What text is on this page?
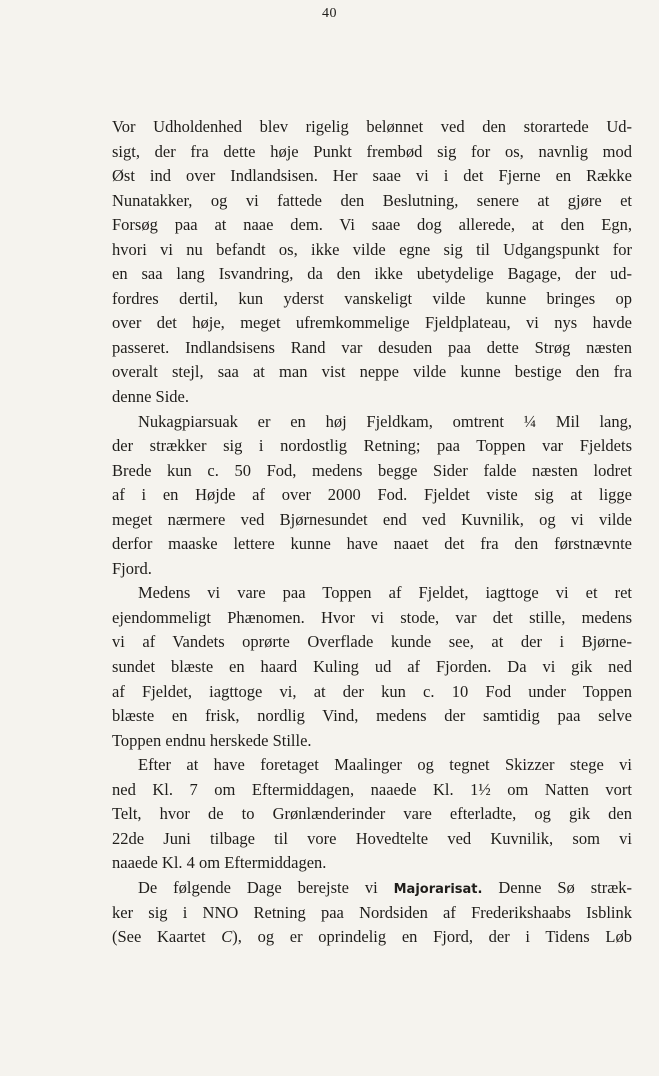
40
Vor Udholdenhed blev rigelig belønnet ved den storartede Ud-
sigt, der fra dette høje Punkt frembød sig for os, navnlig mod
Øst ind over Indlandsisen. Her saae vi i det Fjerne en Række
Nunatakker, og vi fattede den Beslutning, senere at gjøre et
Forsøg paa at naae dem. Vi saae dog allerede, at den Egn,
hvori vi nu befandt os, ikke vilde egne sig til Udgangspunkt for
en saa lang Isvandring, da den ikke ubetydelige Bagage, der ud-
fordres dertil, kun yderst vanskeligt vilde kunne bringes op
over det høje, meget ufremkommelige Fjeldplateau, vi nys havde
passeret. Indlandsisens Rand var desuden paa dette Strøg næsten
overalt stejl, saa at man vist neppe vilde kunne bestige den fra
denne Side.
Nukagpiarsuak er en høj Fjeldkam, omtrent ¼ Mil lang,
der strækker sig i nordostlig Retning; paa Toppen var Fjeldets
Brede kun c. 50 Fod, medens begge Sider falde næsten lodret
af i en Højde af over 2000 Fod. Fjeldet viste sig at ligge
meget nærmere ved Bjørnesundet end ved Kuvnilik, og vi vilde
derfor maaske lettere kunne have naaet det fra den førstnævnte
Fjord.
Medens vi vare paa Toppen af Fjeldet, iagttoge vi et ret
ejendommeligt Phænomen. Hvor vi stode, var det stille, medens
vi af Vandets oprørte Overflade kunde see, at der i Bjørne-
sundet blæste en haard Kuling ud af Fjorden. Da vi gik ned
af Fjeldet, iagttoge vi, at der kun c. 10 Fod under Toppen
blæste en frisk, nordlig Vind, medens der samtidig paa selve
Toppen endnu herskede Stille.
Efter at have foretaget Maalinger og tegnet Skizzer stege vi
ned Kl. 7 om Eftermiddagen, naaede Kl. 1½ om Natten vort
Telt, hvor de to Grønlænderinder vare efterladte, og gik den
22de Juni tilbage til vore Hovedtelte ved Kuvnilik, som vi
naaede Kl. 4 om Eftermiddagen.
De følgende Dage berejste vi Majorarisat. Denne Sø stræk-
ker sig i NNO Retning paa Nordsiden af Frederikshaabs Isblink
(See Kaartet C), og er oprindelig en Fjord, der i Tidens Løb
